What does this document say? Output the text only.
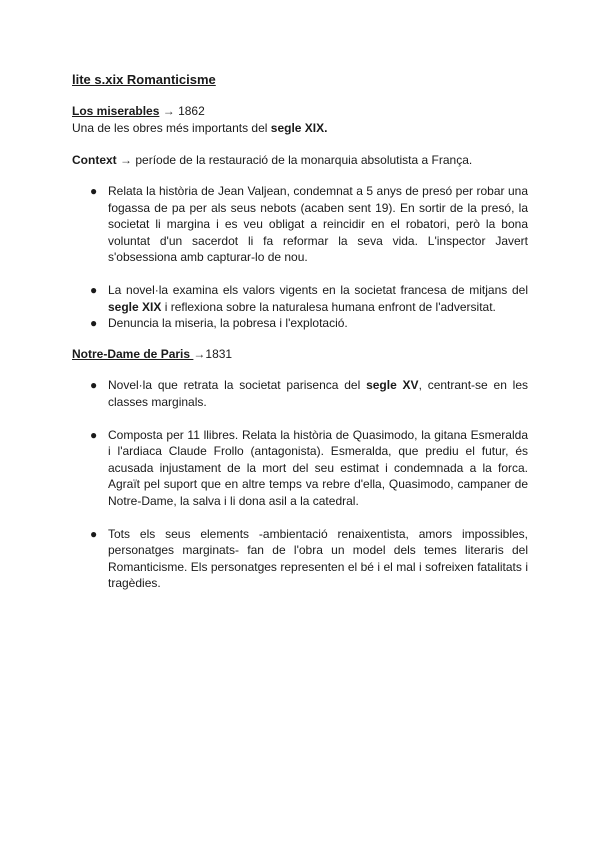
lite s.xix Romanticisme
Los miserables → 1862
Una de les obres més importants del segle XIX.
Context → període de la restauració de la monarquia absolutista a França.
● Relata la història de Jean Valjean, condemnat a 5 anys de presó per robar una fogassa de pa per als seus nebots (acaben sent 19). En sortir de la presó, la societat li margina i es veu obligat a reincidir en el robatori, però la bona voluntat d'un sacerdot li fa reformar la seva vida. L'inspector Javert s'obsessiona amb capturar-lo de nou.
● La novel·la examina els valors vigents en la societat francesa de mitjans del segle XIX i reflexiona sobre la naturalesa humana enfront de l'adversitat.
● Denuncia la miseria, la pobresa i l'explotació.
Notre-Dame de Paris →1831
● Novel·la que retrata la societat parisenca del segle XV, centrant-se en les classes marginals.
● Composta per 11 llibres. Relata la història de Quasimodo, la gitana Esmeralda i l'ardiaca Claude Frollo (antagonista). Esmeralda, que prediu el futur, és acusada injustament de la mort del seu estimat i condemnada a la forca. Agraït pel suport que en altre temps va rebre d'ella, Quasimodo, campaner de Notre-Dame, la salva i li dona asil a la catedral.
● Tots els seus elements -ambientació renaixentista, amors impossibles, personatges marginats- fan de l'obra un model dels temes literaris del Romanticisme. Els personatges representen el bé i el mal i sofreixen fatalitats i tragèdies.
